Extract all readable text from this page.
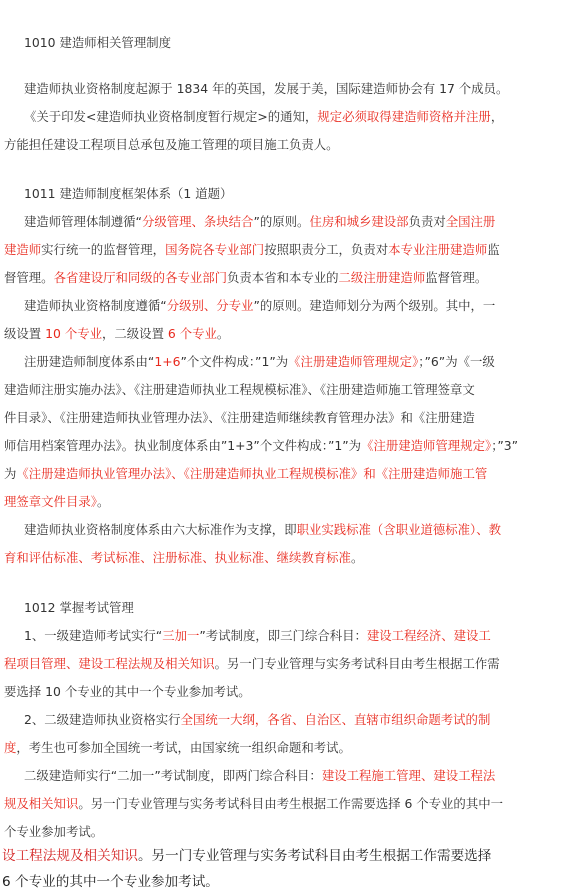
1010 建造师相关管理制度
建造师执业资格制度起源于 1834 年的英国，发展于美，国际建造师协会有 17 个成员。
《关于印发<建造师执业资格制度暂行规定>的通知，规定必须取得建造师资格并注册，
方能担任建设工程项目总承包及施工管理的项目施工负责人。
1011 建造师制度框架体系（1 道题）
建造师管理体制遵循“分级管理、条块结合”的原则。住房和城乡建设部负责对全国注册
建造师实行统一的监督管理，国务院各专业部门按照职责分工，负责对本专业注册建造师监
督管理。各省建设厅和同级的各专业部门负责本省和本专业的二级注册建造师监督管理。
建造师执业资格制度遵循“分级别、分专业”的原则。建造师划分为两个级别。其中，一
级设置 10 个专业，二级设置 6 个专业。
注册建造师制度体系由“1+6”个文件构成：”1”为《注册建造师管理规定》；”6”为《一级
建造师注册实施办法》、《注册建造师执业工程规模标准》、《注册建造师施工管理签章文
件目录》、《注册建造师执业管理办法》、《注册建造师继续教育管理办法》和《注册建造
师信用档案管理办法》。执业制度体系由”1+3”个文件构成：”1”为《注册建造师管理规定》；”3”
为《注册建造师执业管理办法》、《注册建造师执业工程规模标准》和《注册建造师施工管
理签章文件目录》。
建造师执业资格制度体系由六大标准作为支撑，即职业实践标准（含职业道德标准）、教
育和评估标准、考试标准、注册标准、执业标准、继续教育标准。
1012 掌握考试管理
1、一级建造师考试实行“三加一”考试制度，即三门综合科目：建设工程经济、建设工
程项目管理、建设工程法规及相关知识。另一门专业管理与实务考试科目由考生根据工作需
要选择 10 个专业的其中一个专业参加考试。
2、二级建造师执业资格实行全国统一大纲，各省、自治区、直辖市组织命题考试的制
度，考生也可参加全国统一考试，由国家统一组织命题和考试。
二级建造师实行“二加一”考试制度，即两门综合科目：建设工程施工管理、建设工程法
规及相关知识。另一门专业管理与实务考试科目由考生根据工作需要选择 6 个专业的其中一
个专业参加考试。
设工程法规及相关知识。另一门专业管理与实务考试科目由考生根据工作需要选择
6 个专业的其中一个专业参加考试。
